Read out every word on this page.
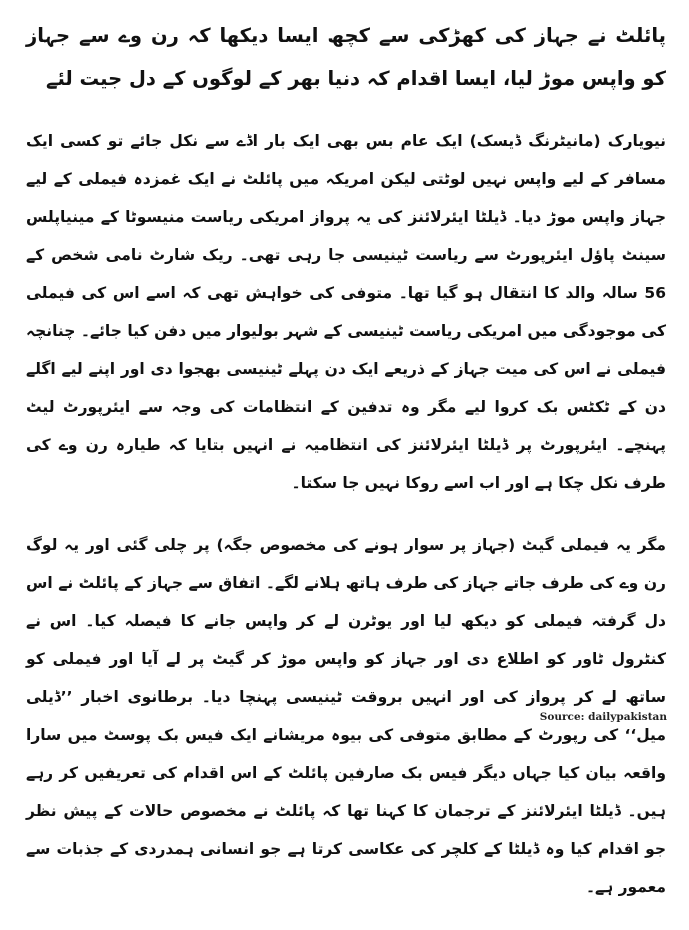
پائلٹ نے جہاز کی کھڑکی سے کچھ ایسا دیکھا کہ رن وے سے جہاز کو واپس موڑ لیا، ایسا اقدام کہ دنیا بھر کے لوگوں کے دل جیت لئے

نیویارک (مانیٹرنگ ڈیسک) ایک عام بس بھی ایک بار اڈے سے نکل جائے تو کسی ایک مسافر کے لیے واپس نہیں لوٹتی لیکن امریکہ میں پائلٹ نے ایک غمزدہ فیملی کے لیے جہاز واپس موڑ دیا۔ ڈیلٹا ایئرلائنز کی یہ پرواز امریکی ریاست منیسوٹا کے مینیاپلس سینٹ پاؤل ایئرپورٹ سے ریاست ٹینیسی جا رہی تھی۔ ریک شارٹ نامی شخص کے 56 سالہ والد کا انتقال ہو گیا تھا۔ متوفی کی خواہش تھی کہ اسے اس کی فیملی کی موجودگی میں امریکی ریاست ٹینیسی کے شہر بولیوار میں دفن کیا جائے۔ چنانچہ فیملی نے اس کی میت جہاز کے ذریعے ایک دن پہلے ٹینیسی بھجوا دی اور اپنے لیے اگلے دن کے ٹکٹس بک کروا لیے مگر وہ تدفین کے انتظامات کی وجہ سے ایئرپورٹ لیٹ پہنچے۔ ایئرپورٹ پر ڈیلٹا ایئرلائنز کی انتظامیہ نے انہیں بتایا کہ طیارہ رن وے کی طرف نکل چکا ہے اور اب اسے روکا نہیں جا سکتا۔

مگر یہ فیملی گیٹ (جہاز پر سوار ہونے کی مخصوص جگہ) پر چلی گئی اور یہ لوگ رن وے کی طرف جاتے جہاز کی طرف ہاتھ ہلانے لگے۔ اتفاق سے جہاز کے پائلٹ نے اس دل گرفتہ فیملی کو دیکھ لیا اور یوٹرن لے کر واپس جانے کا فیصلہ کیا۔ اس نے کنٹرول ٹاور کو اطلاع دی اور جہاز کو واپس موڑ کر گیٹ پر لے آیا اور فیملی کو ساتھ لے کر پرواز کی اور انہیں بروقت ٹینیسی پہنچا دیا۔ برطانوی اخبار ’’ڈیلی میل‘‘ کی رپورٹ کے مطابق متوفی کی بیوہ مریشانے ایک فیس بک پوسٹ میں سارا واقعہ بیان کیا جہاں دیگر فیس بک صارفین پائلٹ کے اس اقدام کی تعریفیں کر رہے ہیں۔ ڈیلٹا ایئرلائنز کے ترجمان کا کہنا تھا کہ پائلٹ نے مخصوص حالات کے پیش نظر جو اقدام کیا وہ ڈیلٹا کے کلچر کی عکاسی کرتا ہے جو انسانی ہمدردی کے جذبات سے معمور ہے۔

Source: dailypakistan
